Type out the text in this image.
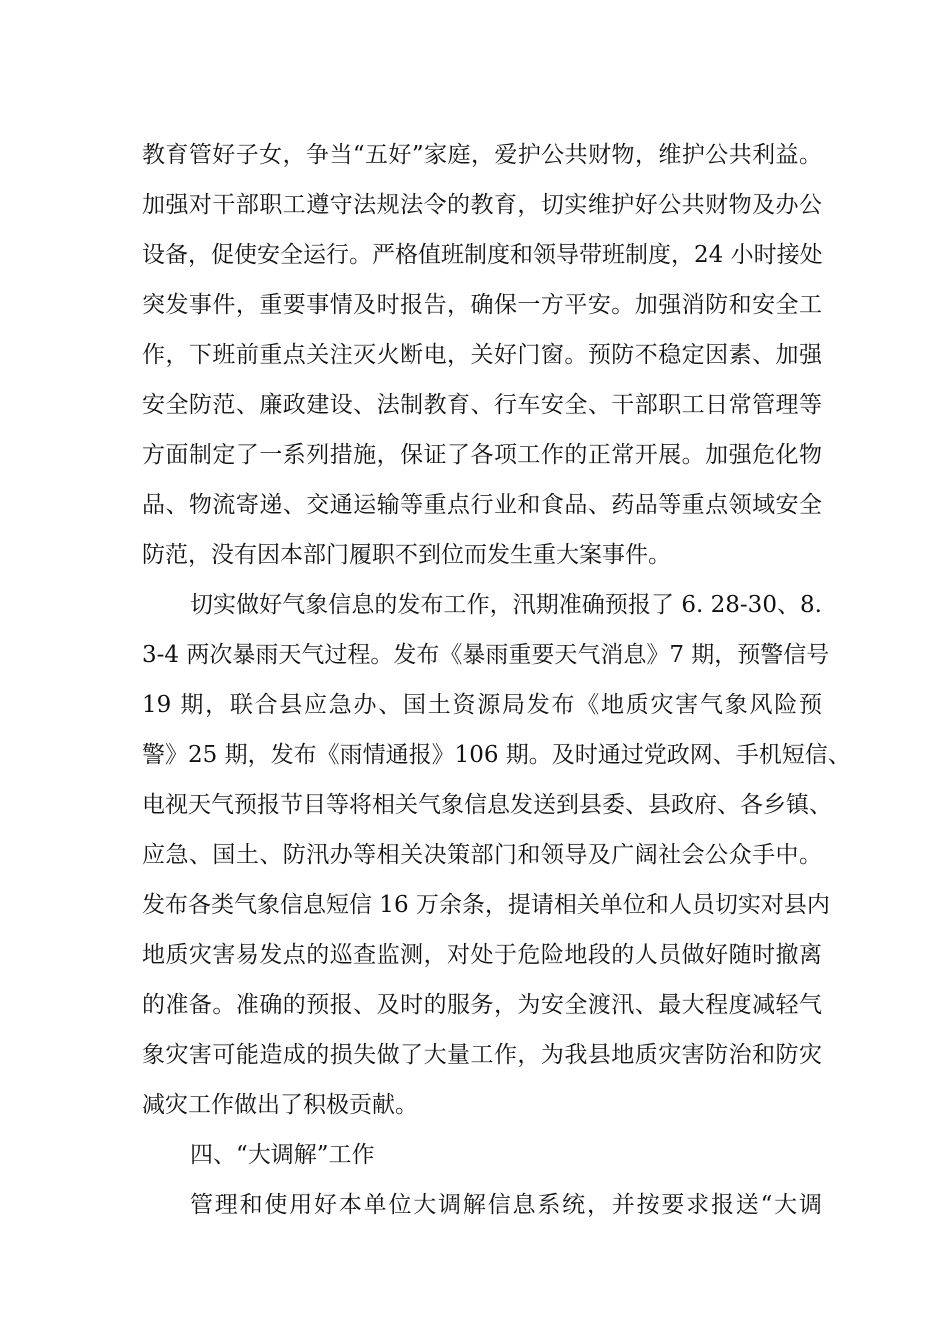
教育管好子女，争当“五好”家庭，爱护公共财物，维护公共利益。
加强对干部职工遵守法规法令的教育，切实维护好公共财物及办公
设备，促使安全运行。严格值班制度和领导带班制度，24 小时接处
突发事件，重要事情及时报告，确保一方平安。加强消防和安全工
作，下班前重点关注灭火断电，关好门窗。预防不稳定因素、加强
安全防范、廉政建设、法制教育、行车安全、干部职工日常管理等
方面制定了一系列措施，保证了各项工作的正常开展。加强危化物
品、物流寄递、交通运输等重点行业和食品、药品等重点领域安全
防范，没有因本部门履职不到位而发生重大案事件。
切实做好气象信息的发布工作，汛期准确预报了 6. 28-30、8.
3-4 两次暴雨天气过程。发布《暴雨重要天气消息》7 期，预警信号
19 期，联合县应急办、国土资源局发布《地质灾害气象风险预
警》25 期，发布《雨情通报》106 期。及时通过党政网、手机短信、
电视天气预报节目等将相关气象信息发送到县委、县政府、各乡镇、
应急、国土、防汛办等相关决策部门和领导及广阔社会公众手中。
发布各类气象信息短信 16 万余条，提请相关单位和人员切实对县内
地质灾害易发点的巡查监测，对处于危险地段的人员做好随时撤离
的准备。准确的预报、及时的服务，为安全渡汛、最大程度减轻气
象灾害可能造成的损失做了大量工作，为我县地质灾害防治和防灾
减灾工作做出了积极贡献。
四、“大调解”工作
管理和使用好本单位大调解信息系统，并按要求报送“大调
